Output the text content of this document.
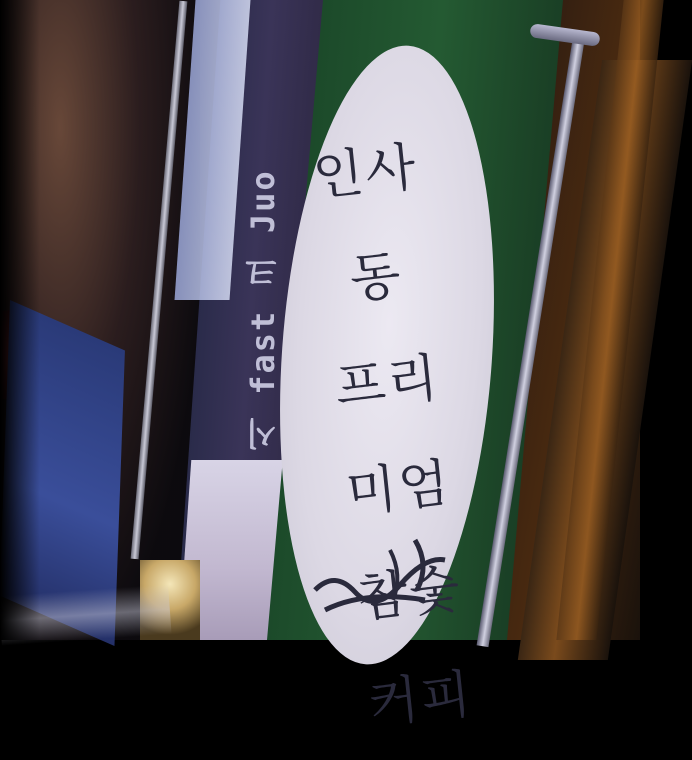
시 fast 크 Juo 인사동
프리미엄
참숯커피
